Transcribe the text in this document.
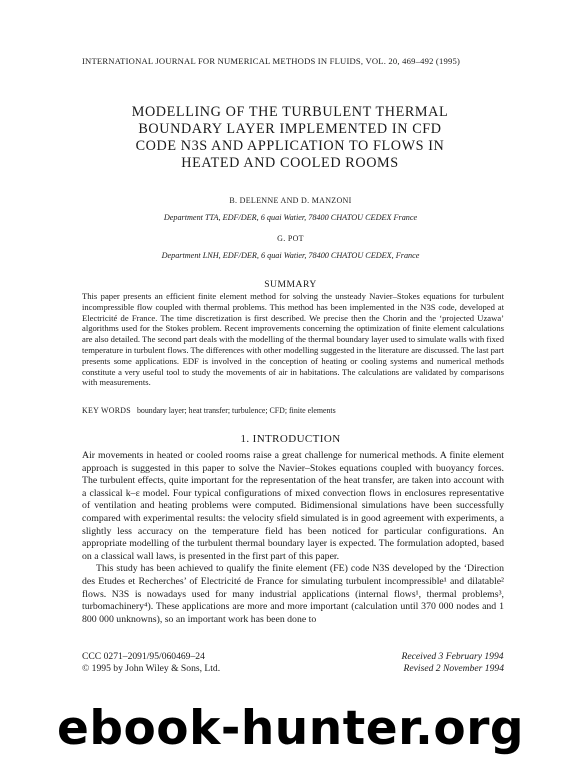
INTERNATIONAL JOURNAL FOR NUMERICAL METHODS IN FLUIDS, VOL. 20, 469–492 (1995)
MODELLING OF THE TURBULENT THERMAL
BOUNDARY LAYER IMPLEMENTED IN CFD
CODE N3S AND APPLICATION TO FLOWS IN
HEATED AND COOLED ROOMS
B. DELENNE AND D. MANZONI
Department TTA, EDF/DER, 6 quai Watier, 78400 CHATOU CEDEX France
G. POT
Department LNH, EDF/DER, 6 quai Watier, 78400 CHATOU CEDEX, France
SUMMARY

This paper presents an efficient finite element method for solving the unsteady Navier–Stokes equations for turbulent incompressible flow coupled with thermal problems. This method has been implemented in the N3S code, developed at Electricité de France. The time discretization is first described. We precise then the Chorin and the ‘projected Uzawa’ algorithms used for the Stokes problem. Recent improvements concerning the optimization of finite element calculations are also detailed. The second part deals with the modelling of the thermal boundary layer used to simulate walls with fixed temperature in turbulent flows. The differences with other modelling suggested in the literature are discussed. The last part presents some applications. EDF is involved in the conception of heating or cooling systems and numerical methods constitute a very useful tool to study the movements of air in habitations. The calculations are validated by comparisons with measurements.

KEY WORDS boundary layer; heat transfer; turbulence; CFD; finite elements
1. INTRODUCTION

Air movements in heated or cooled rooms raise a great challenge for numerical methods. A finite element approach is suggested in this paper to solve the Navier–Stokes equations coupled with buoyancy forces. The turbulent effects, quite important for the representation of the heat transfer, are taken into account with a classical k–ε model. Four typical configurations of mixed convection flows in enclosures representative of ventilation and heating problems were computed. Bidimensional simulations have been successfully compared with experimental results: the velocity sfield simulated is in good agreement with experiments, a slightly less accuracy on the temperature field has been noticed for particular configurations. An appropriate modelling of the turbulent thermal boundary layer is expected. The formulation adopted, based on a classical wall laws, is presented in the first part of this paper.

This study has been achieved to qualify the finite element (FE) code N3S developed by the ‘Direction des Etudes et Recherches’ of Electricité de France for simulating turbulent incompressible¹ and dilatable² flows. N3S is nowadays used for many industrial applications (internal flows¹, thermal problems³, turbomachinery⁴). These applications are more and more important (calculation until 370 000 nodes and 1 800 000 unknowns), so an important work has been done to

CCC 0271–2091/95/060469–24
© 1995 by John Wiley & Sons, Ltd.
Received 3 February 1994
Revised 2 November 1994
ebook-hunter.org
